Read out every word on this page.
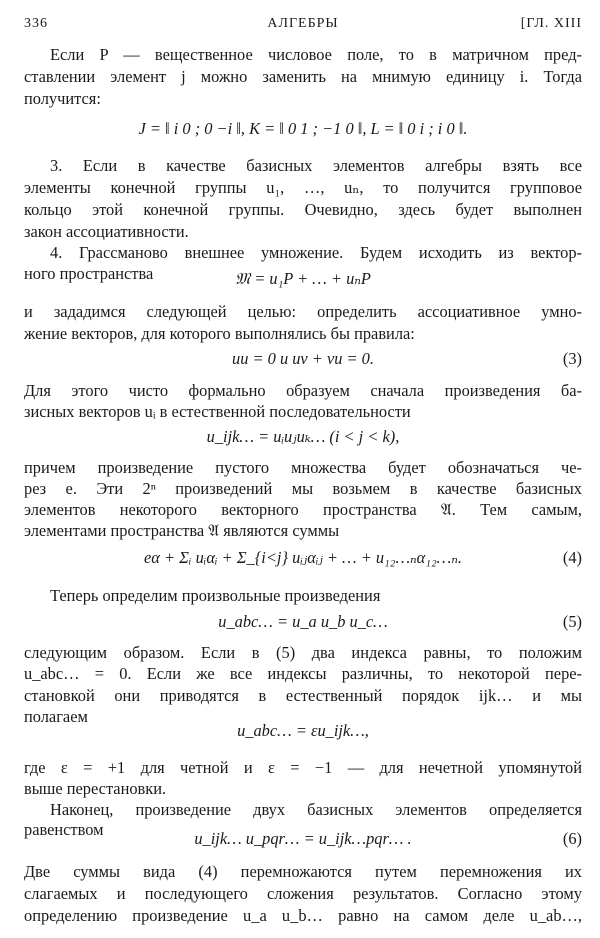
336	АЛГЕБРЫ	[ГЛ. XIII
Если P — вещественное числовое поле, то в матричном пред-
ставлении элемент j можно заменить на мнимую единицу i. Тогда
получится:
J = ‖ i 0 ; 0 −i ‖, K = ‖ 0 1 ; −1 0 ‖, L = ‖ 0 i ; i 0 ‖.
3. Если в качестве базисных элементов алгебры взять все
элементы конечной группы u₁, …, uₙ, то получится групповое
кольцо этой конечной группы. Очевидно, здесь будет выполнен
закон ассоциативности.
4. Грассманово внешнее умножение. Будем исходить из вектор-
ного пространства	𝔐 = u₁P + … + uₙP
и зададимся следующей целью: определить ассоциативное умно-
жение векторов, для которого выполнялись бы правила:
uu = 0 и uv + vu = 0.	(3)
Для этого чисто формально образуем сначала произведения ба-
зисных векторов uᵢ в естественной последовательности
u_ijk… = uᵢuⱼuₖ… (i < j < k),
причем произведение пустого множества будет обозначаться че-
рез e. Эти 2ⁿ произведений мы возьмем в качестве базисных
элементов некоторого векторного пространства 𝔄. Тем самым,
элементами пространства 𝔄 являются суммы
eα + Σᵢ uᵢαᵢ + Σ_{i<j} uᵢⱼαᵢⱼ + … + u₁₂…ₙα₁₂…ₙ.	(4)
Теперь определим произвольные произведения
u_abc… = u_a u_b u_c…	(5)
следующим образом. Если в (5) два индекса равны, то положим
u_abc… = 0. Если же все индексы различны, то некоторой пере-
становкой они приводятся в естественный порядок ijk… и мы
полагаем
u_abc… = εu_ijk…,
где ε = +1 для четной и ε = −1 — для нечетной упомянутой
выше перестановки.
Наконец, произведение двух базисных элементов определяется
равенством	u_ijk… u_pqr… = u_ijk…pqr… .	(6)
Две суммы вида (4) перемножаются путем перемножения их
слагаемых и последующего сложения результатов. Согласно этому
определению произведение u_a u_b… равно на самом деле u_ab…,
